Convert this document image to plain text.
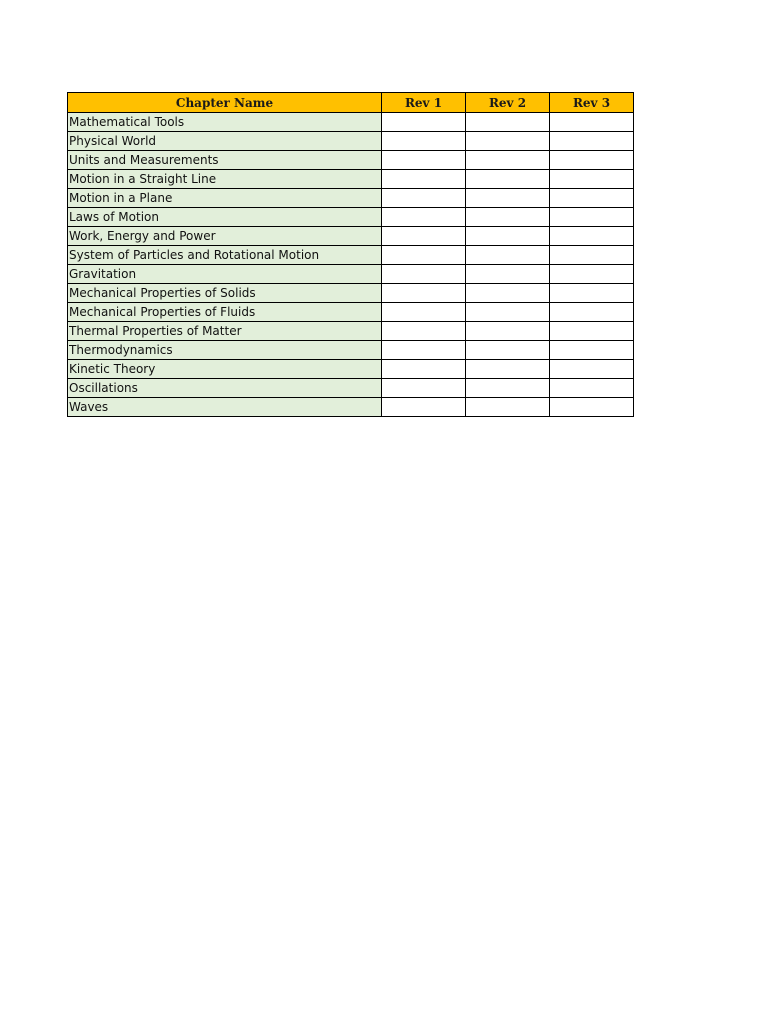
Chapter Name	Rev 1	Rev 2	Rev 3
Mathematical Tools			
Physical World			
Units and Measurements			
Motion in a Straight Line			
Motion in a Plane			
Laws of Motion			
Work, Energy and Power			
System of Particles and Rotational Motion			
Gravitation			
Mechanical Properties of Solids			
Mechanical Properties of Fluids			
Thermal Properties of Matter			
Thermodynamics			
Kinetic Theory			
Oscillations			
Waves			
